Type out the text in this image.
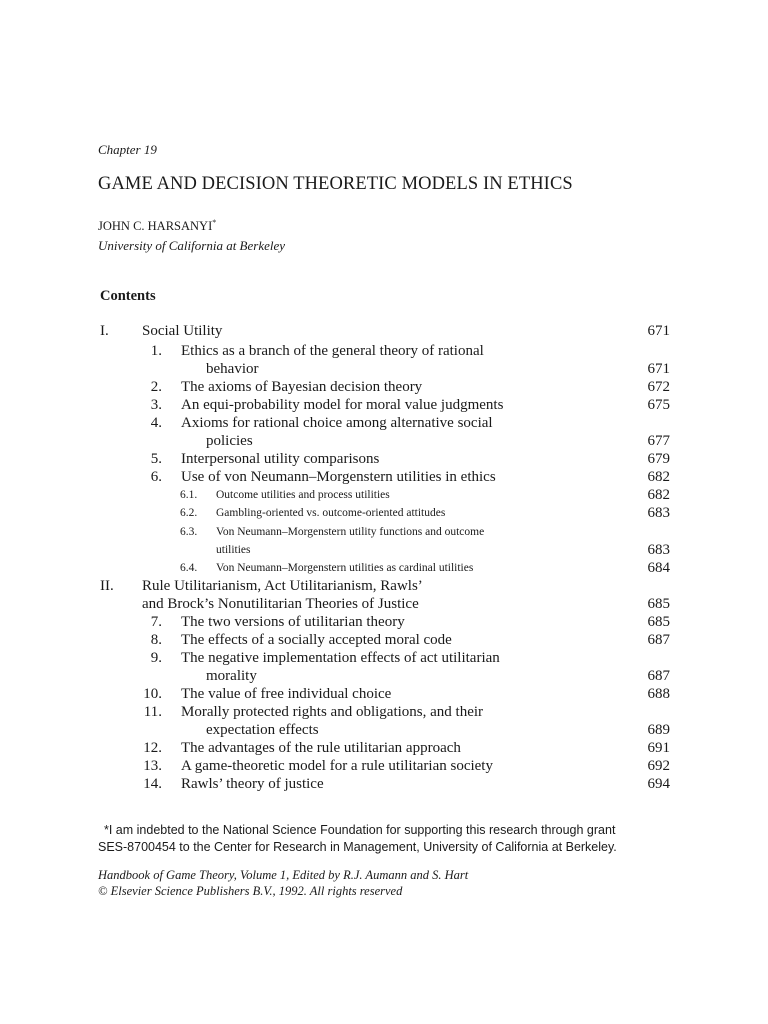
Chapter 19
GAME AND DECISION THEORETIC MODELS IN ETHICS
JOHN C. HARSANYI*
University of California at Berkeley
Contents
I. Social Utility	671
1. Ethics as a branch of the general theory of rational
behavior	671
2. The axioms of Bayesian decision theory	672
3. An equi-probability model for moral value judgments	675
4. Axioms for rational choice among alternative social
policies	677
5. Interpersonal utility comparisons	679
6. Use of von Neumann–Morgenstern utilities in ethics	682
6.1. Outcome utilities and process utilities	682
6.2. Gambling-oriented vs. outcome-oriented attitudes	683
6.3. Von Neumann–Morgenstern utility functions and outcome
utilities	683
6.4. Von Neumann–Morgenstern utilities as cardinal utilities	684
II. Rule Utilitarianism, Act Utilitarianism, Rawls’
and Brock’s Nonutilitarian Theories of Justice	685
7. The two versions of utilitarian theory	685
8. The effects of a socially accepted moral code	687
9. The negative implementation effects of act utilitarian
morality	687
10. The value of free individual choice	688
11. Morally protected rights and obligations, and their
expectation effects	689
12. The advantages of the rule utilitarian approach	691
13. A game-theoretic model for a rule utilitarian society	692
14. Rawls’ theory of justice	694
*I am indebted to the National Science Foundation for supporting this research through grant
SES-8700454 to the Center for Research in Management, University of California at Berkeley.
Handbook of Game Theory, Volume 1, Edited by R.J. Aumann and S. Hart
© Elsevier Science Publishers B.V., 1992. All rights reserved
